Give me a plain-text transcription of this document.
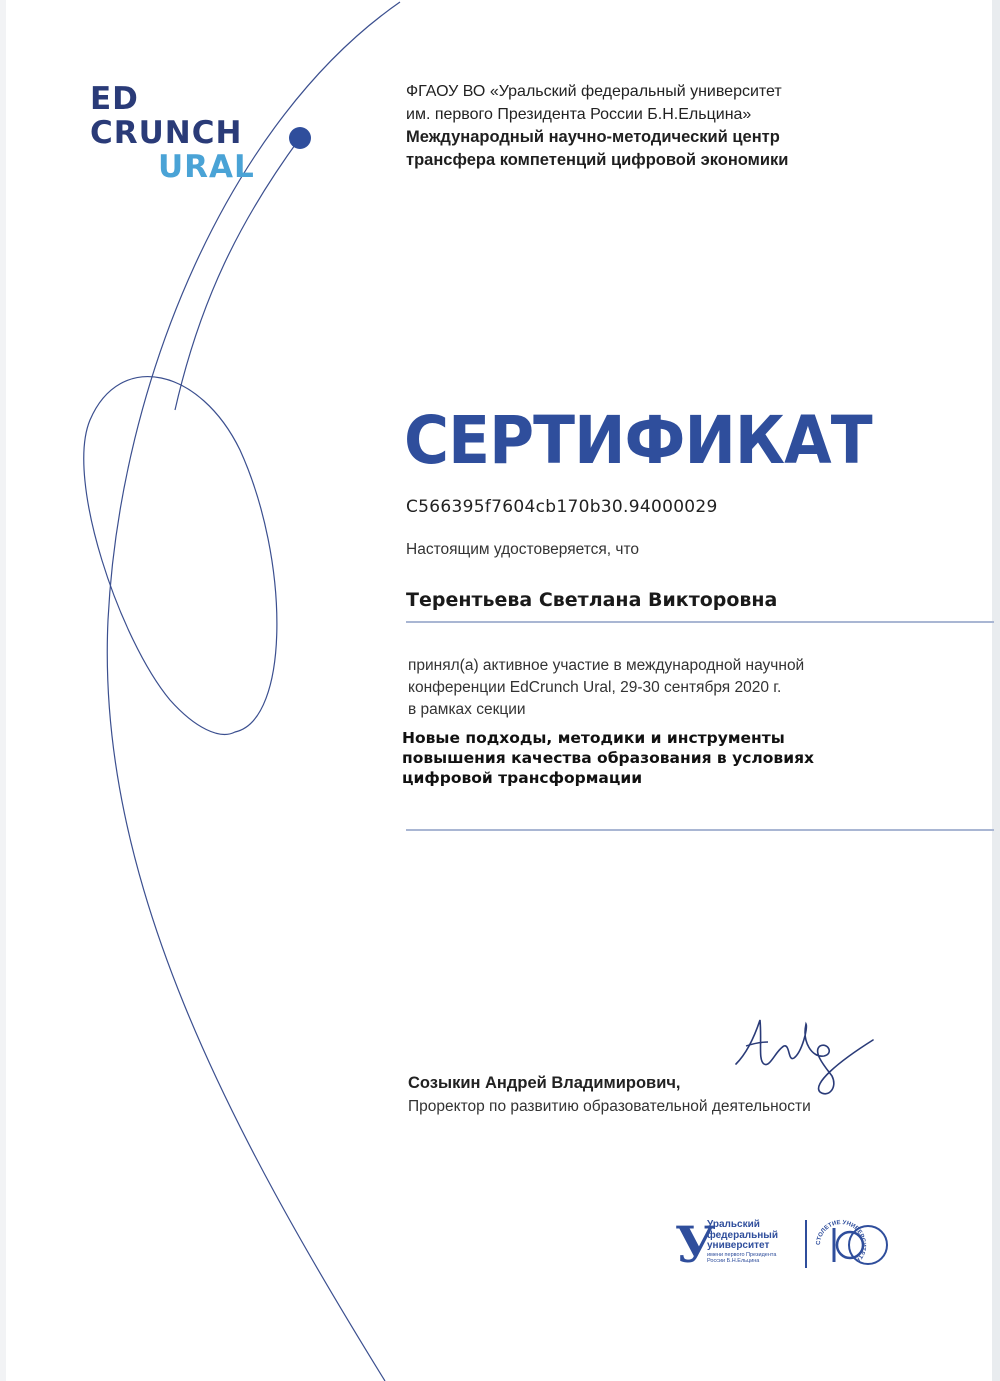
ED
CRUNCH
URAL
ФГАОУ ВО «Уральский федеральный университет
им. первого Президента России Б.Н.Ельцина»
Международный научно-методический центр
трансфера компетенций цифровой экономики
СЕРТИФИКАТ
C566395f7604cb170b30.94000029
Настоящим удостоверяется, что
Терентьева Светлана Викторовна
принял(а) активное участие в международной научной
конференции EdCrunch Ural, 29-30 сентября 2020 г.
в рамках секции
Новые подходы, методики и инструменты повышения качества образования в условиях цифровой трансформации
Созыкин Андрей Владимирович,
Проректор по развитию образовательной деятельности
У
Уральский
федеральный
университет
имени первого Президента
России Б.Н.Ельцина
СТОЛЕТИЕ УНИВЕРСИТЕТА
